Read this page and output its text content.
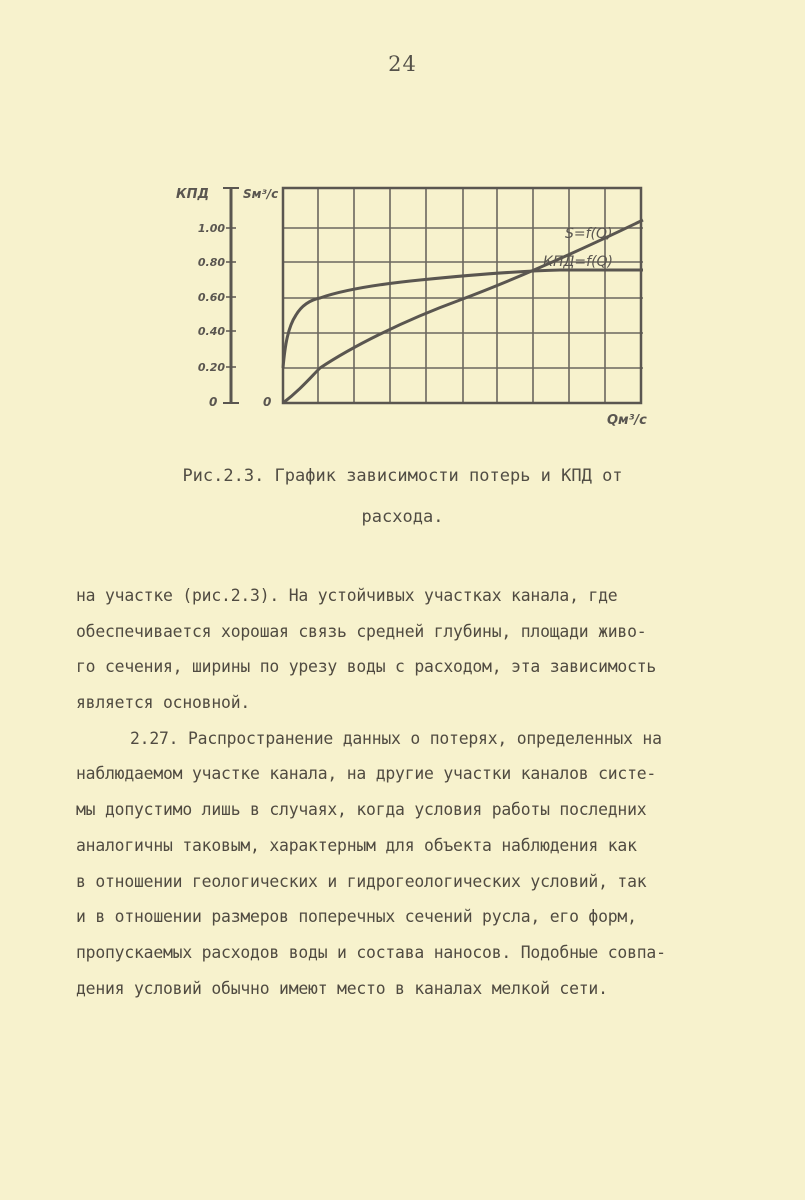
24
1.00
0.80
0.60
0.40
0.20
0	0
КПД	Sм³/с
S=f(Q)
КПД=f(Q)
Qм³/с
Рис.2.3. График зависимости потерь и КПД от
расхода.
на участке (рис.2.3). На устойчивых участках канала, где
обеспечивается хорошая связь средней глубины, площади живо-
го сечения, ширины по урезу воды с расходом, эта зависимость
является основной.
2.27. Распространение данных о потерях, определенных на
наблюдаемом участке канала, на другие участки каналов систе-
мы допустимо лишь в случаях, когда условия работы последних
аналогичны таковым, характерным для объекта наблюдения как
в отношении геологических и гидрогеологических условий, так
и в отношении размеров поперечных сечений русла, его форм,
пропускаемых расходов воды и состава наносов. Подобные совпа-
дения условий обычно имеют место в каналах мелкой сети.
